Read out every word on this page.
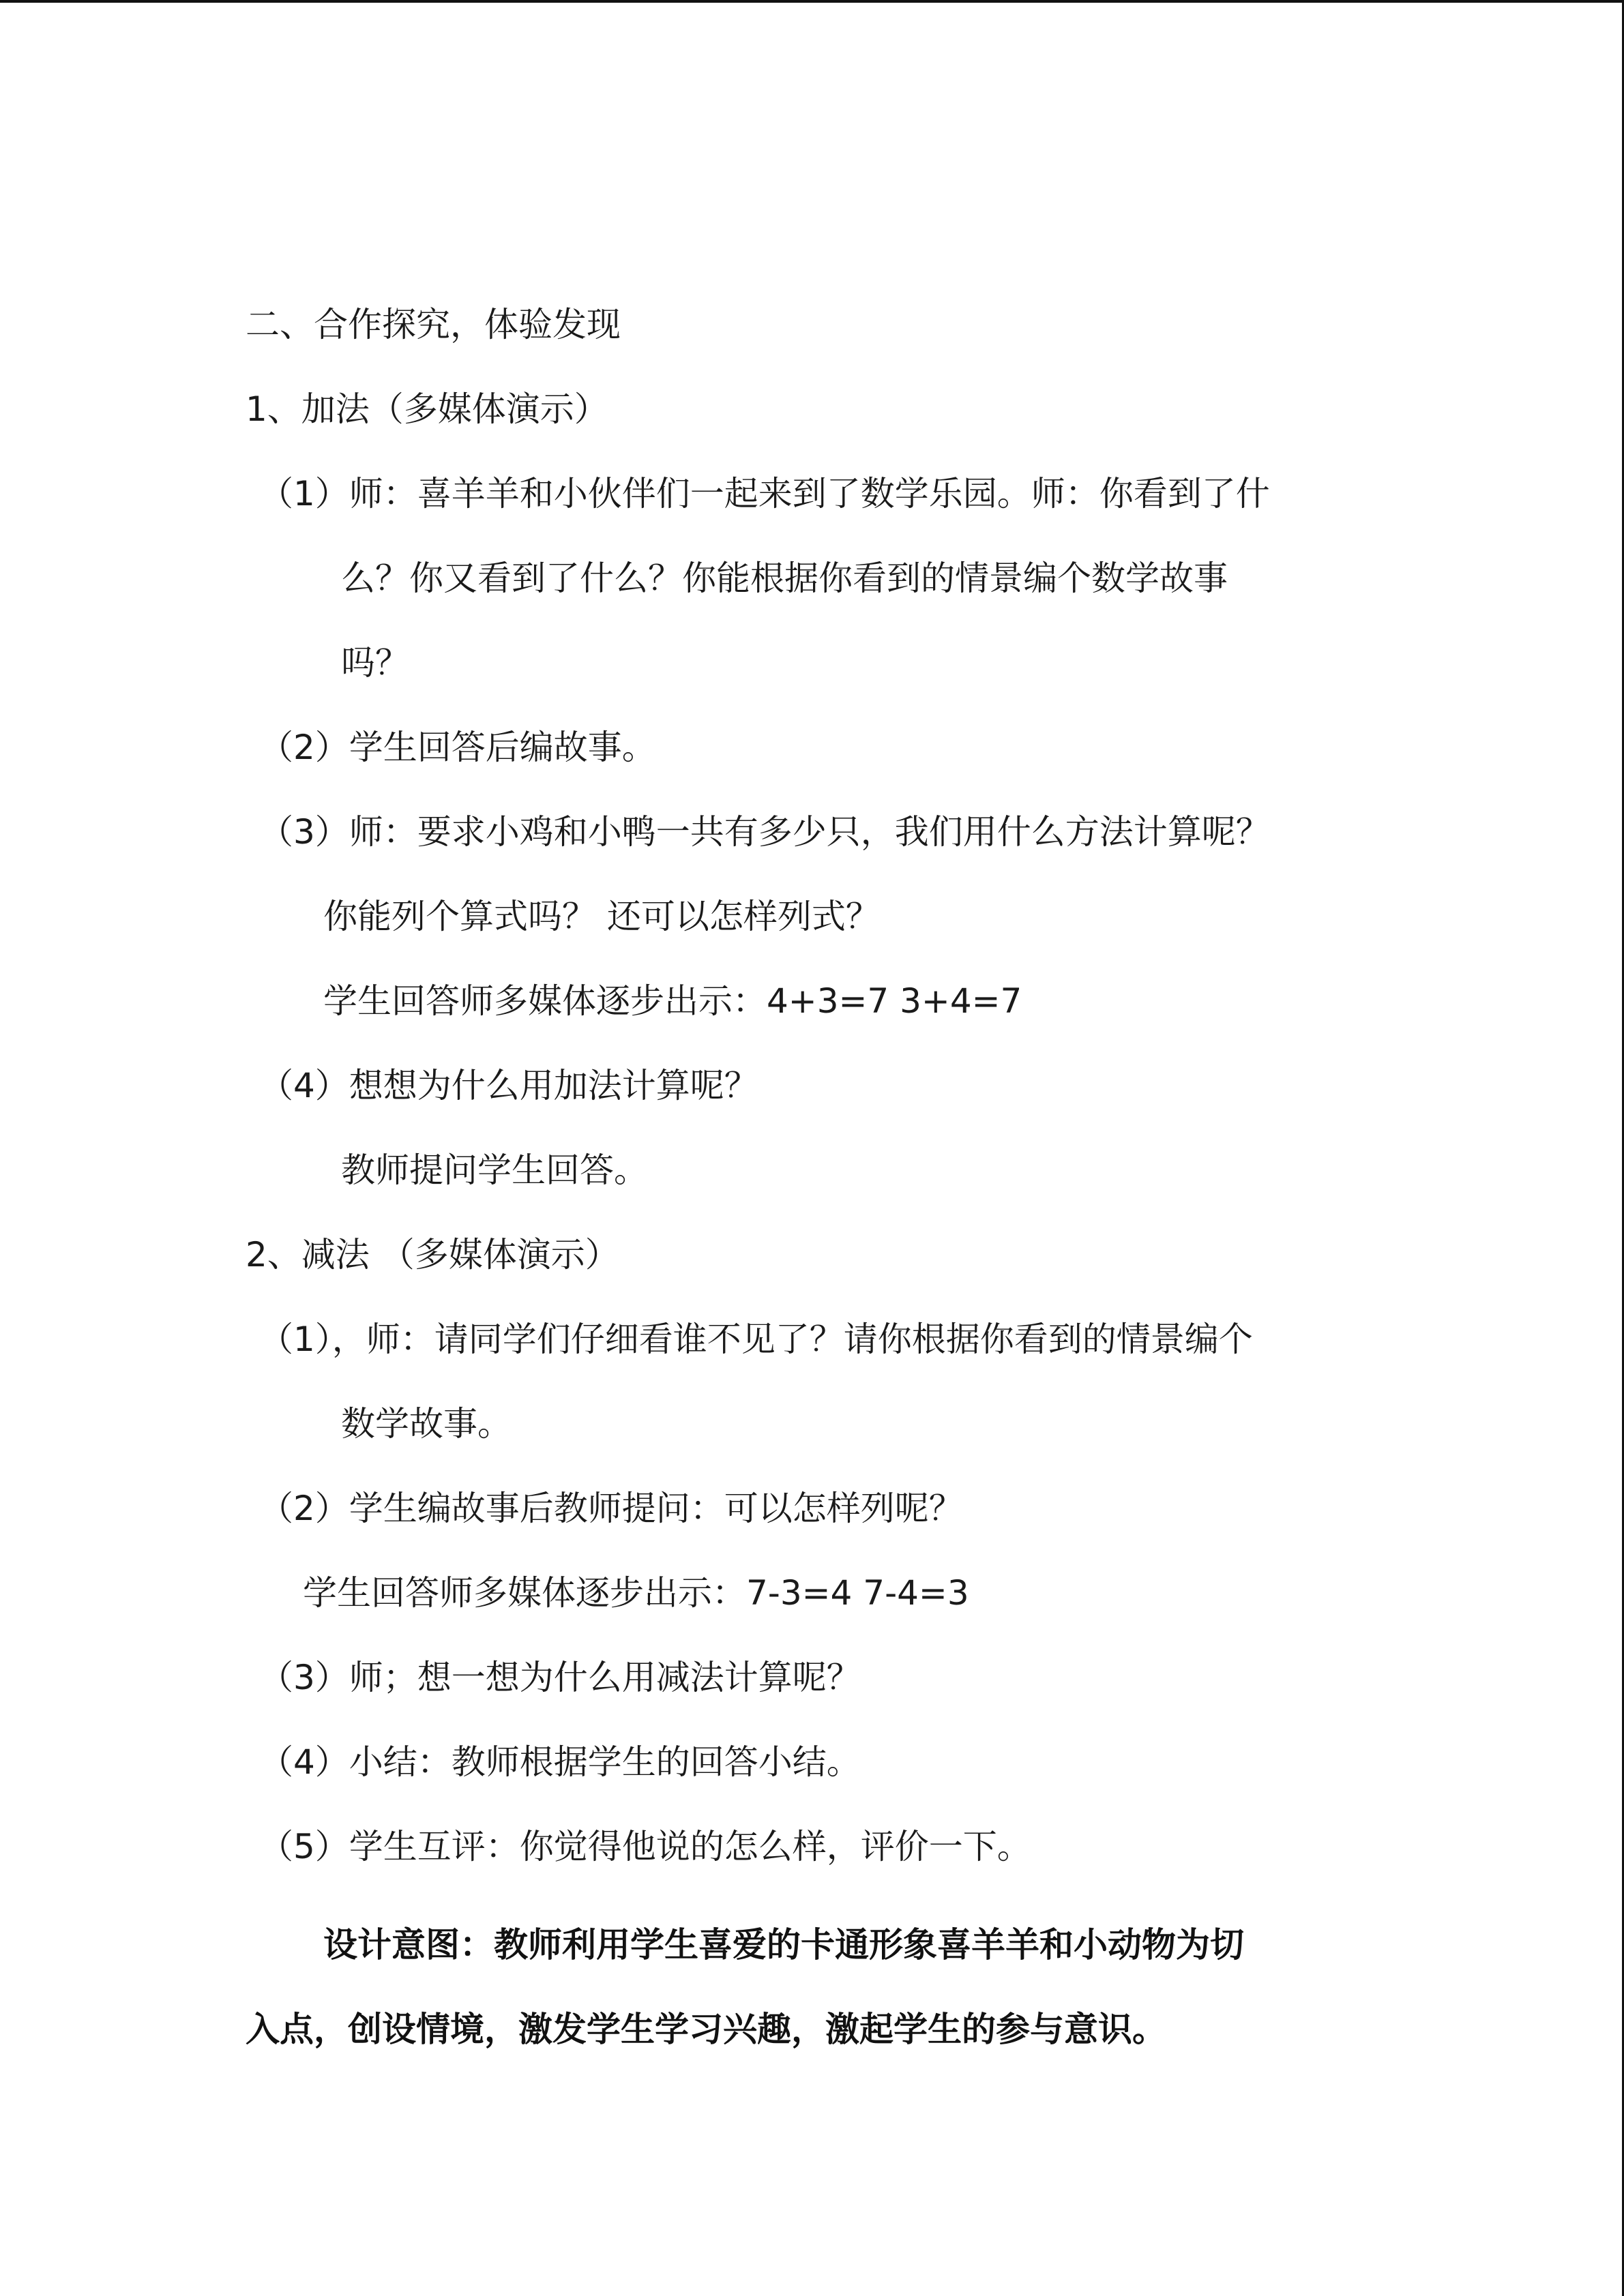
二、合作探究，体验发现
1、加法（多媒体演示）
（1）师：喜羊羊和小伙伴们一起来到了数学乐园。师：你看到了什
么？你又看到了什么？你能根据你看到的情景编个数学故事
吗？
（2）学生回答后编故事。
（3）师：要求小鸡和小鸭一共有多少只，我们用什么方法计算呢？
你能列个算式吗？ 还可以怎样列式？
学生回答师多媒体逐步出示：4+3=7 3+4=7
（4）想想为什么用加法计算呢？
教师提问学生回答。
2、减法 （多媒体演示）
（1），师：请同学们仔细看谁不见了？请你根据你看到的情景编个
数学故事。
（2）学生编故事后教师提问：可以怎样列呢？
学生回答师多媒体逐步出示：7-3=4 7-4=3
（3）师；想一想为什么用减法计算呢？
（4）小结：教师根据学生的回答小结。
（5）学生互评：你觉得他说的怎么样，评价一下。
设计意图：教师利用学生喜爱的卡通形象喜羊羊和小动物为切
入点，创设情境，激发学生学习兴趣，激起学生的参与意识。
